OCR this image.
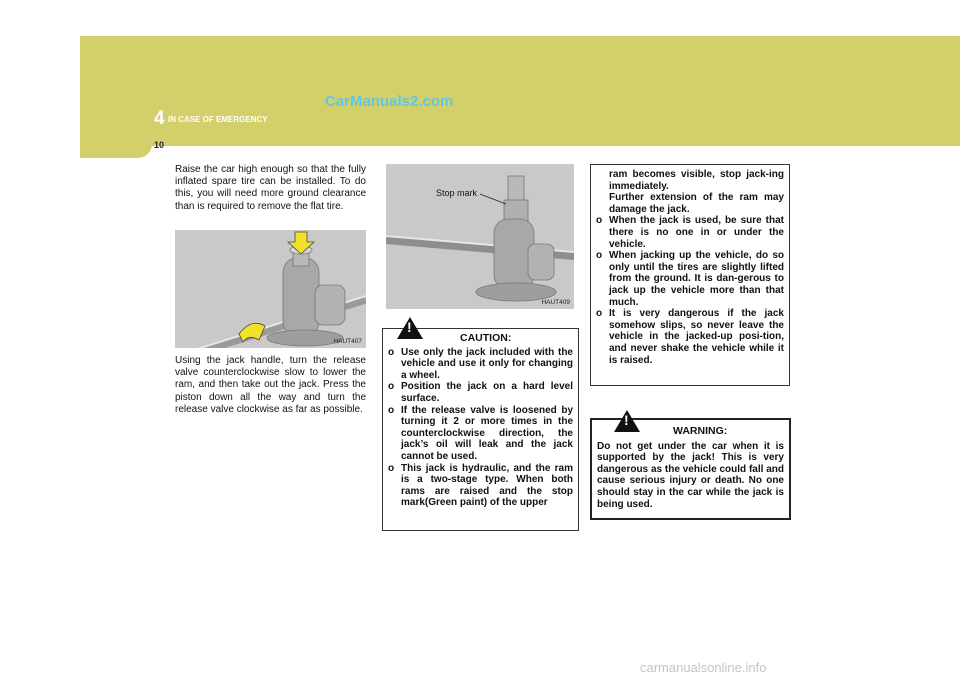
4 IN CASE OF EMERGENCY
CarManuals2.com
10

Raise the car high enough so that the fully inflated spare tire can be installed. To do this, you will need more ground clearance than is required to remove the flat tire.

HAUT407

Using the jack handle, turn the release valve counterclockwise slow to lower the ram, and then take out the jack. Press the piston down all the way and turn the release valve clockwise as far as possible.

Stop mark
HAUT409
!
CAUTION:
o Use only the jack included with the vehicle and use it only for changing a wheel.
o Position the jack on a hard level surface.
o If the release valve is loosened by turning it 2 or more times in the counterclockwise direction, the jack’s oil will leak and the jack cannot be used.
o This jack is hydraulic, and the ram is a two-stage type. When both rams are raised and the stop mark(Green paint) of the upper
ram becomes visible, stop jack-ing immediately.
Further extension of the ram may damage the jack.
o When the jack is used, be sure that there is no one in or under the vehicle.
o When jacking up the vehicle, do so only until the tires are slightly lifted from the ground. It is dan-gerous to jack up the vehicle more than that much.
o It is very dangerous if the jack somehow slips, so never leave the vehicle in the jacked-up posi-tion, and never shake the vehicle while it is raised.
!
WARNING:
Do not get under the car when it is supported by the jack! This is very dangerous as the vehicle could fall and cause serious injury or death. No one should stay in the car while the jack is being used.
carmanualsonline.info
